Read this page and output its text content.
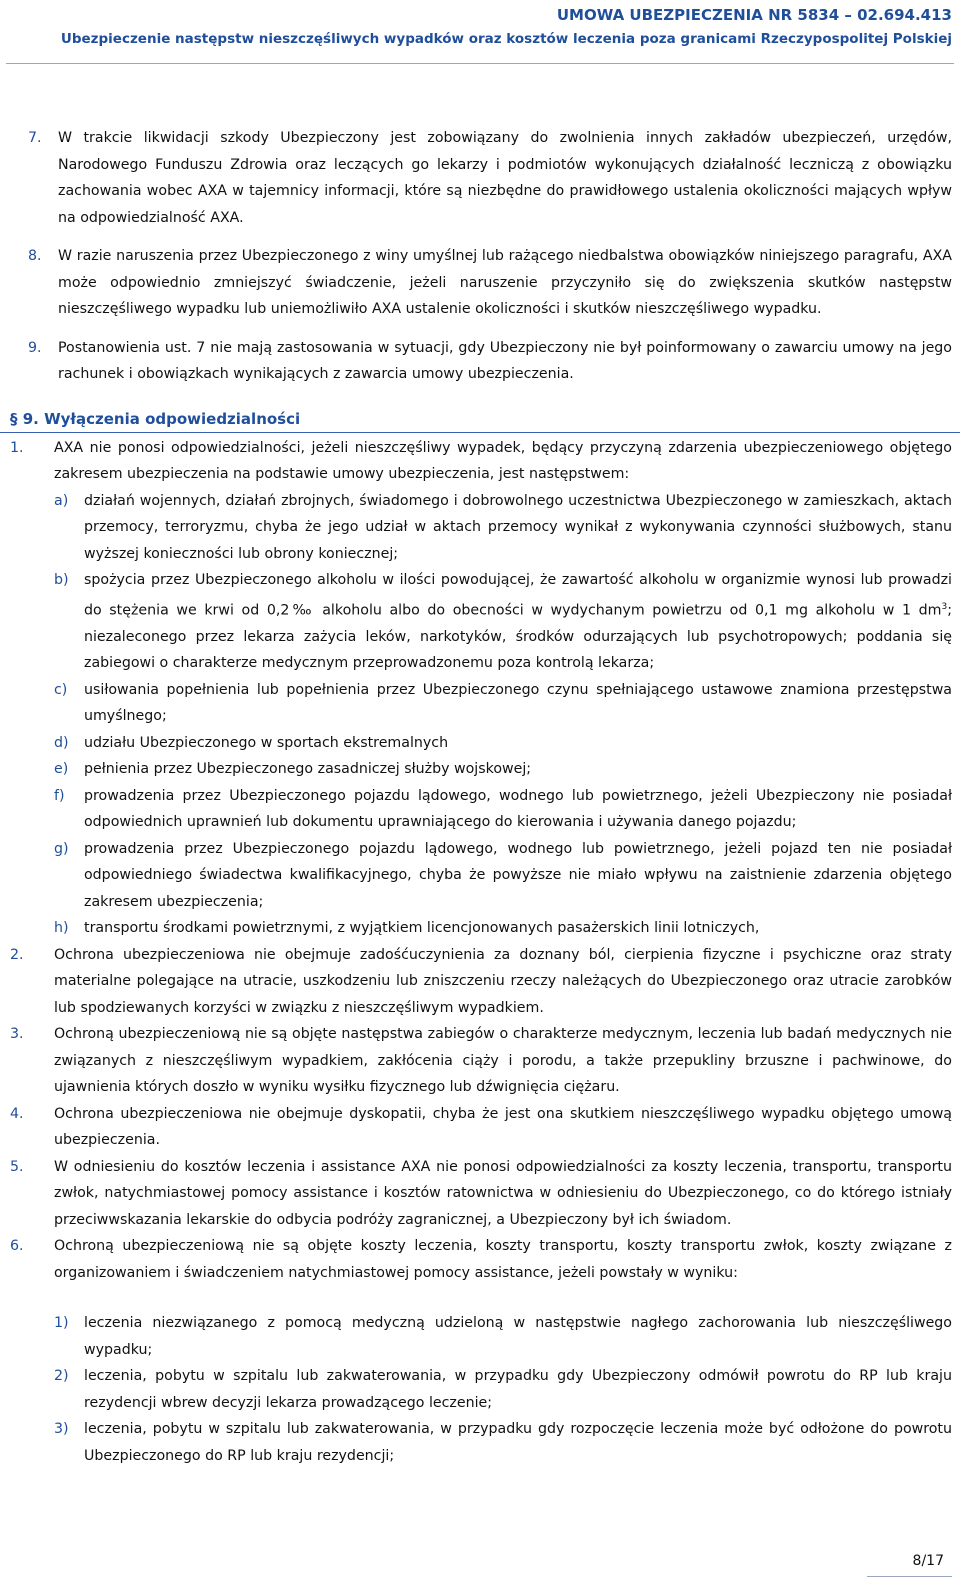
UMOWA UBEZPIECZENIA NR 5834 – 02.694.413
Ubezpieczenie następstw nieszczęśliwych wypadków oraz kosztów leczenia poza granicami Rzeczypospolitej Polskiej
7.	W trakcie likwidacji szkody Ubezpieczony jest zobowiązany do zwolnienia innych zakładów ubezpieczeń, urzędów, Narodowego Funduszu Zdrowia oraz leczących go lekarzy i podmiotów wykonujących działalność leczniczą z obowiązku zachowania wobec AXA w tajemnicy informacji, które są niezbędne do prawidłowego ustalenia okoliczności mających wpływ na odpowiedzialność AXA.
8.	W razie naruszenia przez Ubezpieczonego z winy umyślnej lub rażącego niedbalstwa obowiązków niniejszego paragrafu, AXA może odpowiednio zmniejszyć świadczenie, jeżeli naruszenie przyczyniło się do zwiększenia skutków następstw nieszczęśliwego wypadku lub uniemożliwiło AXA ustalenie okoliczności i skutków nieszczęśliwego wypadku.
9.	Postanowienia ust. 7 nie mają zastosowania w sytuacji, gdy Ubezpieczony nie był poinformowany o zawarciu umowy na jego rachunek i obowiązkach wynikających z zawarcia umowy ubezpieczenia.
§ 9. Wyłączenia odpowiedzialności
1.	AXA nie ponosi odpowiedzialności, jeżeli nieszczęśliwy wypadek, będący przyczyną zdarzenia ubezpieczeniowego objętego zakresem ubezpieczenia na podstawie umowy ubezpieczenia, jest następstwem:
a)	działań wojennych, działań zbrojnych, świadomego i dobrowolnego uczestnictwa Ubezpieczonego w zamieszkach, aktach przemocy, terroryzmu, chyba że jego udział w aktach przemocy wynikał z wykonywania czynności służbowych, stanu wyższej konieczności lub obrony koniecznej;
b)	spożycia przez Ubezpieczonego alkoholu w ilości powodującej, że zawartość alkoholu w organizmie wynosi lub prowadzi do stężenia we krwi od 0,2‰ alkoholu albo do obecności w wydychanym powietrzu od 0,1 mg alkoholu w 1 $dm^3$; niezaleconego przez lekarza zażycia leków, narkotyków, środków odurzających lub psychotropowych; poddania się zabiegowi o charakterze medycznym przeprowadzonemu poza kontrolą lekarza;
c)	usiłowania popełnienia lub popełnienia przez Ubezpieczonego czynu spełniającego ustawowe znamiona przestępstwa umyślnego;
d)	udziału Ubezpieczonego w sportach ekstremalnych
e)	pełnienia przez Ubezpieczonego zasadniczej służby wojskowej;
f)	prowadzenia przez Ubezpieczonego pojazdu lądowego, wodnego lub powietrznego, jeżeli Ubezpieczony nie posiadał odpowiednich uprawnień lub dokumentu uprawniającego do kierowania i używania danego pojazdu;
g)	prowadzenia przez Ubezpieczonego pojazdu lądowego, wodnego lub powietrznego, jeżeli pojazd ten nie posiadał odpowiedniego świadectwa kwalifikacyjnego, chyba że powyższe nie miało wpływu na zaistnienie zdarzenia objętego zakresem ubezpieczenia;
h)	transportu środkami powietrznymi, z wyjątkiem licencjonowanych pasażerskich linii lotniczych,
2.	Ochrona ubezpieczeniowa nie obejmuje zadośćuczynienia za doznany ból, cierpienia fizyczne i psychiczne oraz straty materialne polegające na utracie, uszkodzeniu lub zniszczeniu rzeczy należących do Ubezpieczonego oraz utracie zarobków lub spodziewanych korzyści w związku z nieszczęśliwym wypadkiem.
3.	Ochroną ubezpieczeniową nie są objęte następstwa zabiegów o charakterze medycznym, leczenia lub badań medycznych nie związanych z nieszczęśliwym wypadkiem, zakłócenia ciąży i porodu, a także przepukliny brzuszne i pachwinowe, do ujawnienia których doszło w wyniku wysiłku fizycznego lub dźwignięcia ciężaru.
4.	Ochrona ubezpieczeniowa nie obejmuje dyskopatii, chyba że jest ona skutkiem nieszczęśliwego wypadku objętego umową ubezpieczenia.
5.	W odniesieniu do kosztów leczenia i assistance AXA nie ponosi odpowiedzialności za koszty leczenia, transportu, transportu zwłok, natychmiastowej pomocy assistance i kosztów ratownictwa w odniesieniu do Ubezpieczonego, co do którego istniały przeciwwskazania lekarskie do odbycia podróży zagranicznej, a Ubezpieczony był ich świadom.
6.	Ochroną ubezpieczeniową nie są objęte koszty leczenia, koszty transportu, koszty transportu zwłok, koszty związane z organizowaniem i świadczeniem natychmiastowej pomocy assistance, jeżeli powstały w wyniku:
1)	leczenia niezwiązanego z pomocą medyczną udzieloną w następstwie nagłego zachorowania lub nieszczęśliwego wypadku;
2)	leczenia, pobytu w szpitalu lub zakwaterowania, w przypadku gdy Ubezpieczony odmówił powrotu do RP lub kraju rezydencji wbrew decyzji lekarza prowadzącego leczenie;
3)	leczenia, pobytu w szpitalu lub zakwaterowania, w przypadku gdy rozpoczęcie leczenia może być odłożone do powrotu Ubezpieczonego do RP lub kraju rezydencji;
8/17
